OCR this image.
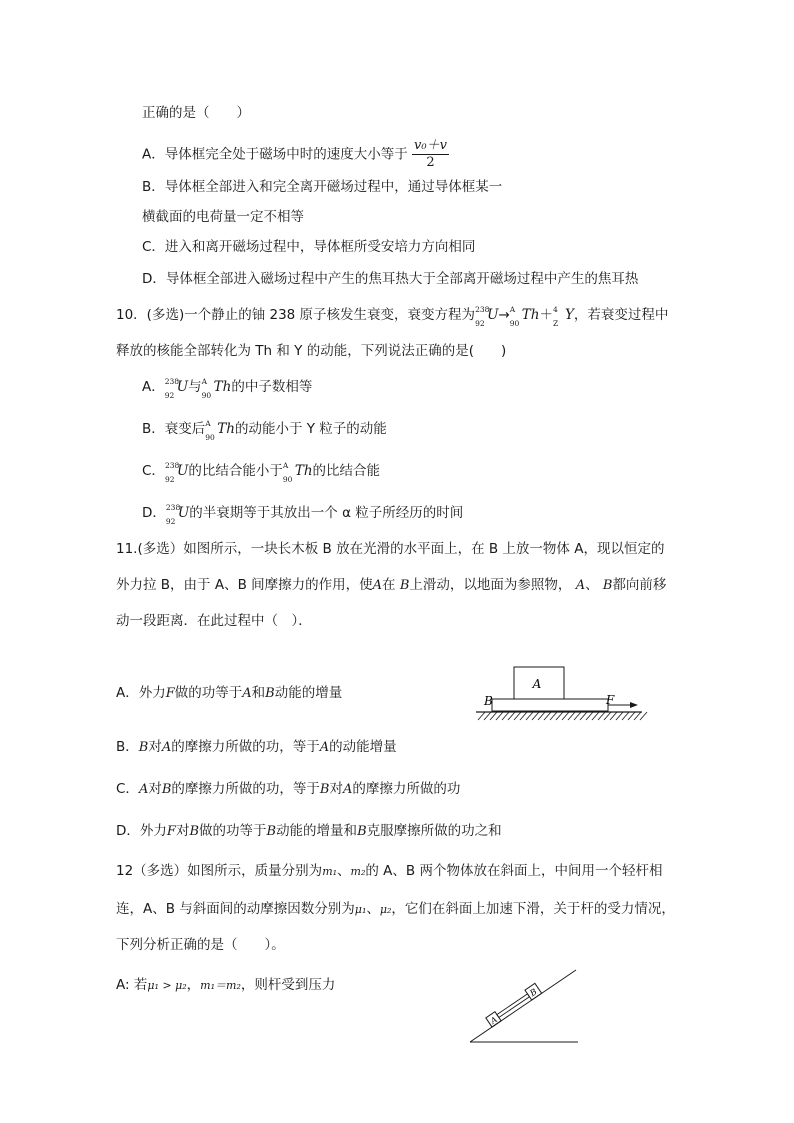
正确的是（　　）
A．导体框完全处于磁场中时的速度大小等于 $\frac{\text{v₀＋v}}{2}$
B．导体框全部进入和完全离开磁场过程中，通过导体框某一
横截面的电荷量一定不相等
C．进入和离开磁场过程中，导体框所受安培力方向相同
D．导体框全部进入磁场过程中产生的焦耳热大于全部离开磁场过程中产生的焦耳热
10．(多选)一个静止的铀 238 原子核发生衰变，衰变方程为 238
92
U→ A
90
Th＋ 4
Z
Y，若衰变过程中
释放的核能全部转化为 Th 和 Y 的动能，下列说法正确的是(　　)
A． 238
92
U与 A
90
Th的中子数相等
B．衰变后 A
90
Th的动能小于 Y 粒子的动能
C． 238
92
U的比结合能小于 A
90
Th的比结合能
D． 238
92
U的半衰期等于其放出一个 α 粒子所经历的时间
11.(多选）如图所示，一块长木板 B 放在光滑的水平面上，在 B 上放一物体 A，现以恒定的
外力拉 B，由于 A、B 间摩擦力的作用，使A在 B上滑动，以地面为参照物， A、 B都向前移
动一段距离．在此过程中（　）．
A．外力F做的功等于A和B动能的增量
B．B对A的摩擦力所做的功，等于A的动能增量
C．A对B的摩擦力所做的功，等于B对A的摩擦力所做的功
D．外力F对B做的功等于B动能的增量和B克服摩擦所做的功之和
A
B	F
12（多选）如图所示，质量分别为m₁、m₂的 A、B 两个物体放在斜面上，中间用一个轻杆相
连，A、B 与斜面间的动摩擦因数分别为μ₁、μ₂，它们在斜面上加速下滑，关于杆的受力情况，
下列分析正确的是（　　）。
A: 若μ₁ > μ₂，m₁＝m₂，则杆受到压力
A
B
